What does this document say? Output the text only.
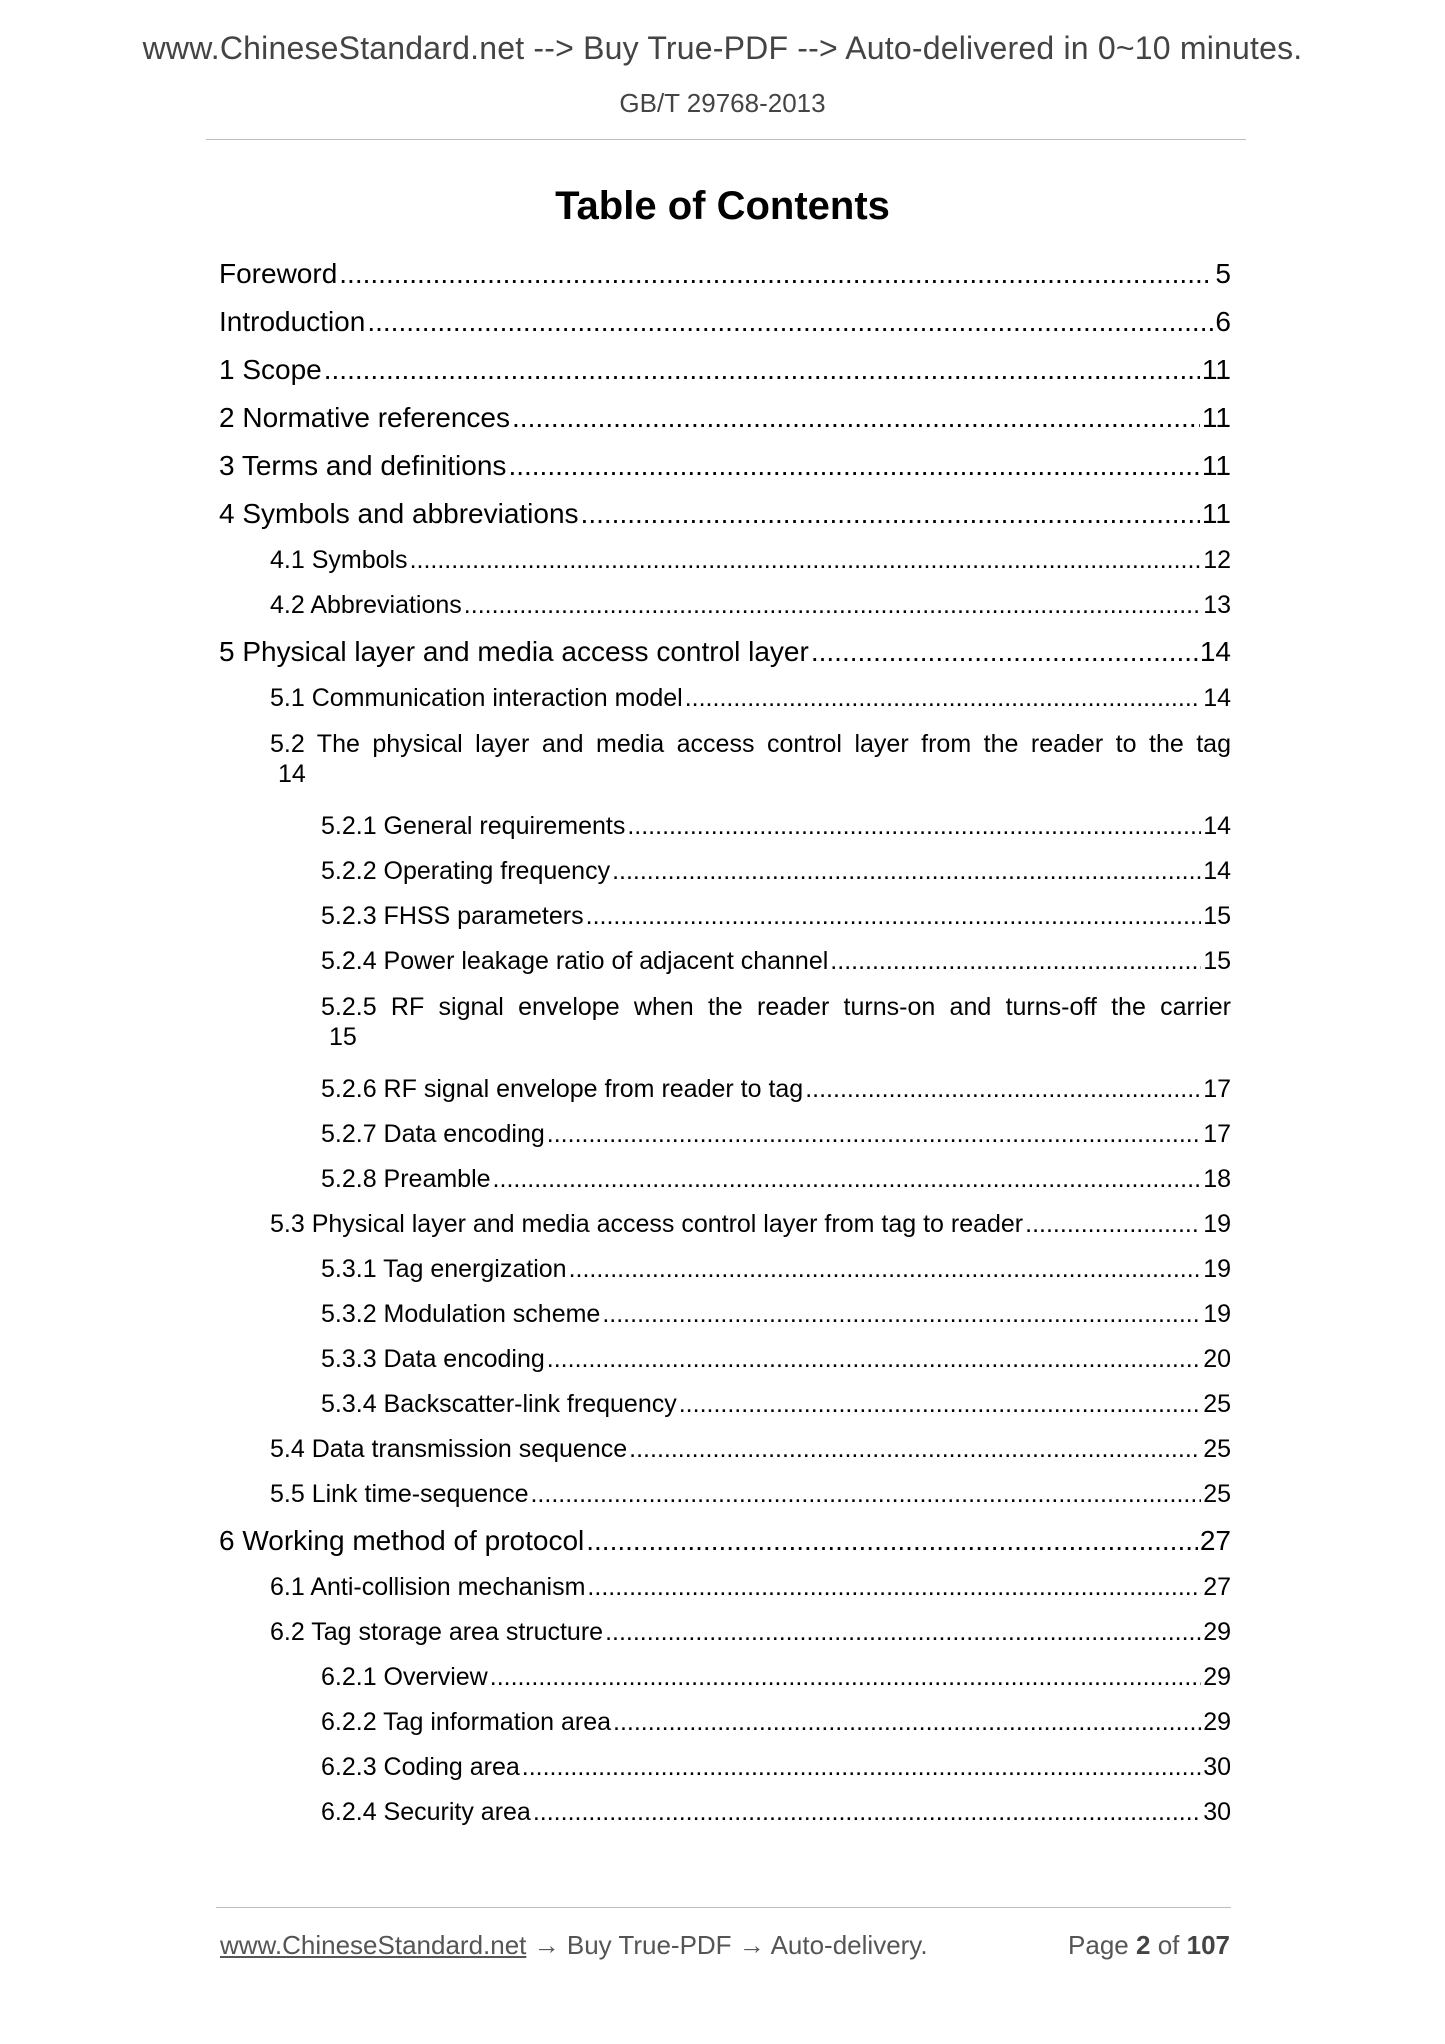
www.ChineseStandard.net --> Buy True-PDF --> Auto-delivered in 0~10 minutes.
GB/T 29768-2013
Table of Contents
Foreword .....	5
Introduction .....	6
1 Scope .....	11
2 Normative references .....	11
3 Terms and definitions .....	11
4 Symbols and abbreviations .....	11
4.1 Symbols .....	12
4.2 Abbreviations .....	13
5 Physical layer and media access control layer .....	14
5.1 Communication interaction model .....	14
5.2 The physical layer and media access control layer from the reader to the tag
14
5.2.1 General requirements .....	14
5.2.2 Operating frequency .....	14
5.2.3 FHSS parameters .....	15
5.2.4 Power leakage ratio of adjacent channel .....	15
5.2.5 RF signal envelope when the reader turns-on and turns-off the carrier
15
5.2.6 RF signal envelope from reader to tag .....	17
5.2.7 Data encoding .....	17
5.2.8 Preamble .....	18
5.3 Physical layer and media access control layer from tag to reader .....	19
5.3.1 Tag energization .....	19
5.3.2 Modulation scheme .....	19
5.3.3 Data encoding .....	20
5.3.4 Backscatter-link frequency .....	25
5.4 Data transmission sequence .....	25
5.5 Link time-sequence .....	25
6 Working method of protocol .....	27
6.1 Anti-collision mechanism .....	27
6.2 Tag storage area structure .....	29
6.2.1 Overview .....	29
6.2.2 Tag information area .....	29
6.2.3 Coding area .....	30
6.2.4 Security area .....	30
www.ChineseStandard.net → Buy True-PDF → Auto-delivery.	Page 2 of 107
